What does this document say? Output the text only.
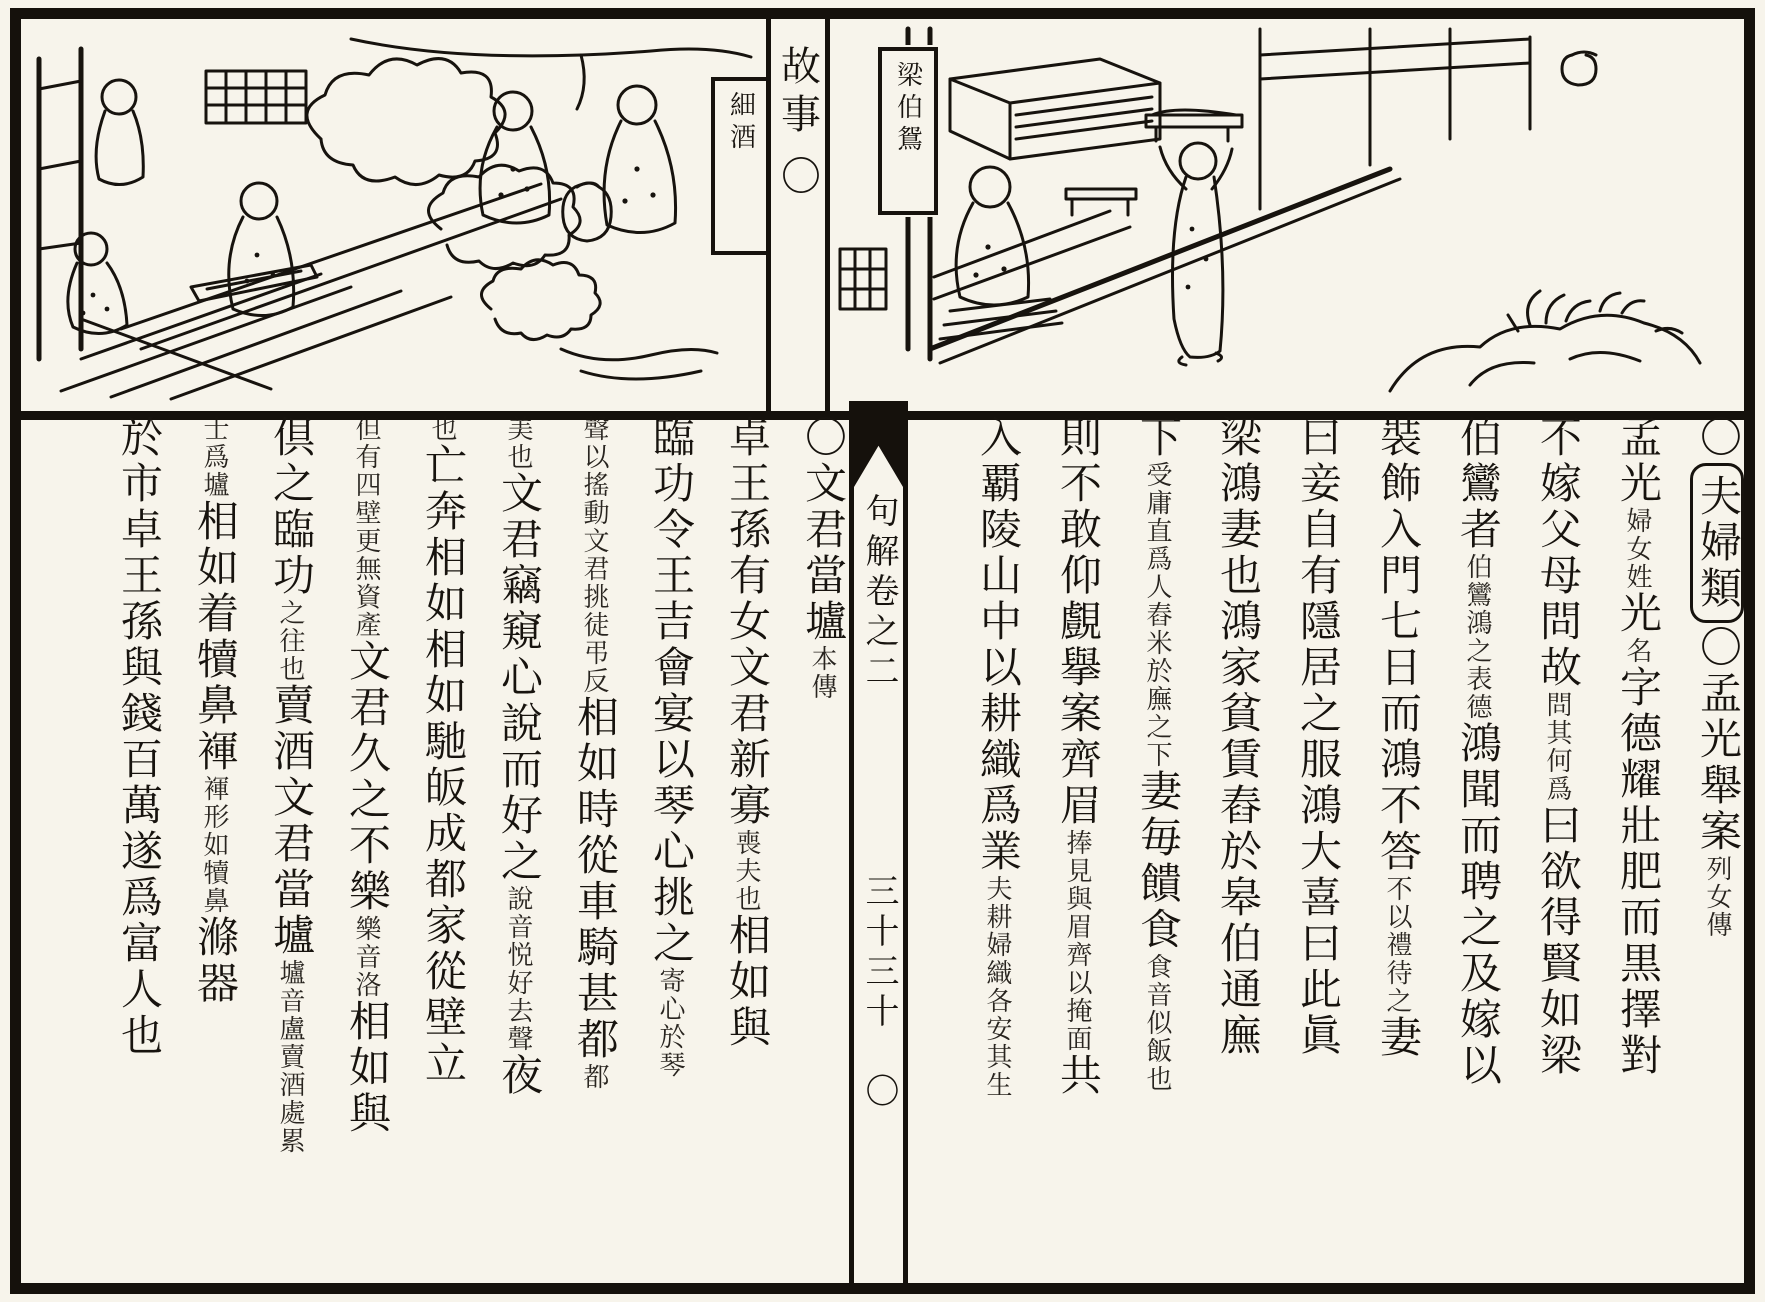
細酒 故事
〇
梁伯鴛
〇文君當壚本傳
卓王孫有女文君新寡喪夫也相如與
臨功令王吉會宴以琴心挑之寄心於琴
聲以搖動文君挑徒弔反相如時從車騎甚都都
美也文君竊窺心說而好之說音悦好去聲夜
也亡奔相如相如馳皈成都家從壁立
但有四壁更無資產文君久之不樂樂音洛相如與
倶之臨功之往也賣酒文君當壚壚音盧賣酒處累
士爲壚相如着犢鼻褌褌形如犢鼻滌器
於市卓王孫與錢百萬遂爲富人也	句解卷之二
三十三十
〇
〇夫婦類〇孟光舉案列女傳
孟光婦女姓光名字德耀壯肥而黒擇對
不嫁父母問故問其何爲曰欲得賢如梁
伯鸞者伯鸞鴻之表德鴻聞而聘之及嫁以
裝飾入門七日而鴻不答不以禮待之妻
曰妾自有隱居之服鴻大喜曰此眞
梁鴻妻也鴻家貧賃舂於皋伯通廡
下受庸直爲人舂米於廡之下妻毎饋食食音似飯也
則不敢仰覻擧案齊眉捧見與眉齊以掩面共
入覇陵山中以耕織爲業夫耕婦織各安其生
